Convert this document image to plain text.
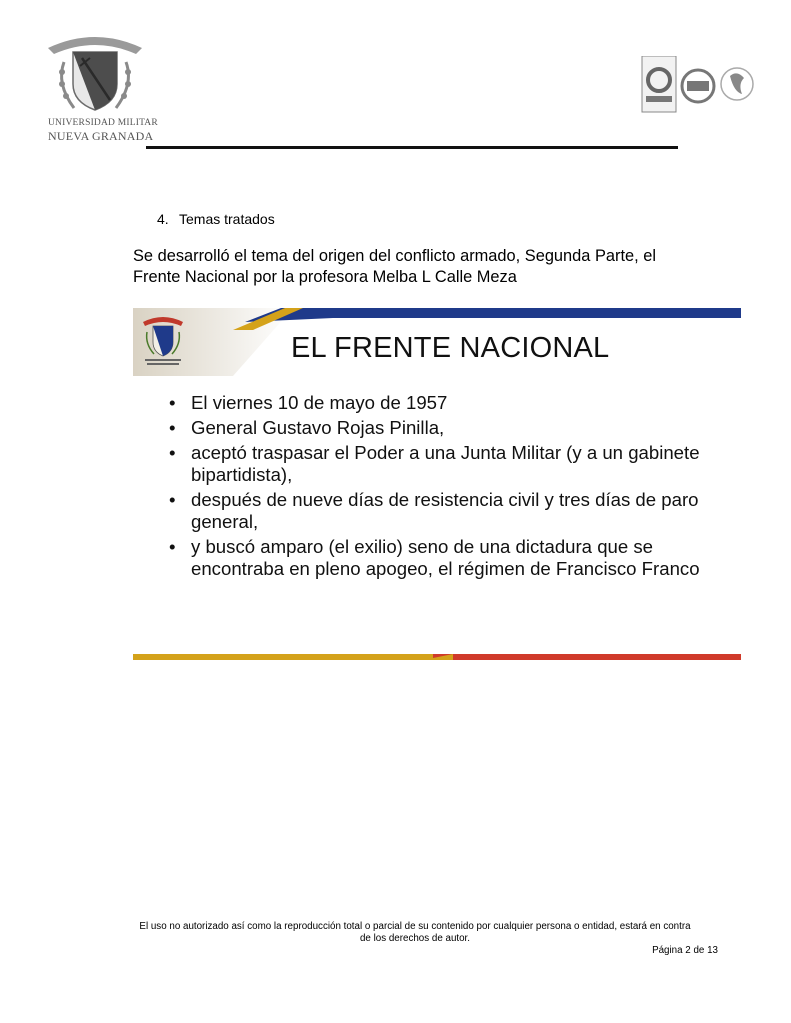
UNIVERSIDAD MILITAR
NUEVA GRANADA
4. Temas tratados
Se desarrolló el tema del origen del conflicto armado, Segunda Parte, el
Frente Nacional por la profesora Melba L Calle Meza
EL FRENTE NACIONAL
• El viernes 10 de mayo de 1957
• General Gustavo Rojas Pinilla,
• aceptó traspasar el Poder a una Junta Militar (y a un gabinete bipartidista),
• después de nueve días de resistencia civil y tres días de paro general,
• y buscó amparo (el exilio) seno de una dictadura que se encontraba en pleno apogeo, el régimen de Francisco Franco
El uso no autorizado así como la reproducción total o parcial de su contenido por cualquier persona o entidad, estará en contra
de los derechos de autor.
Página 2 de 13
